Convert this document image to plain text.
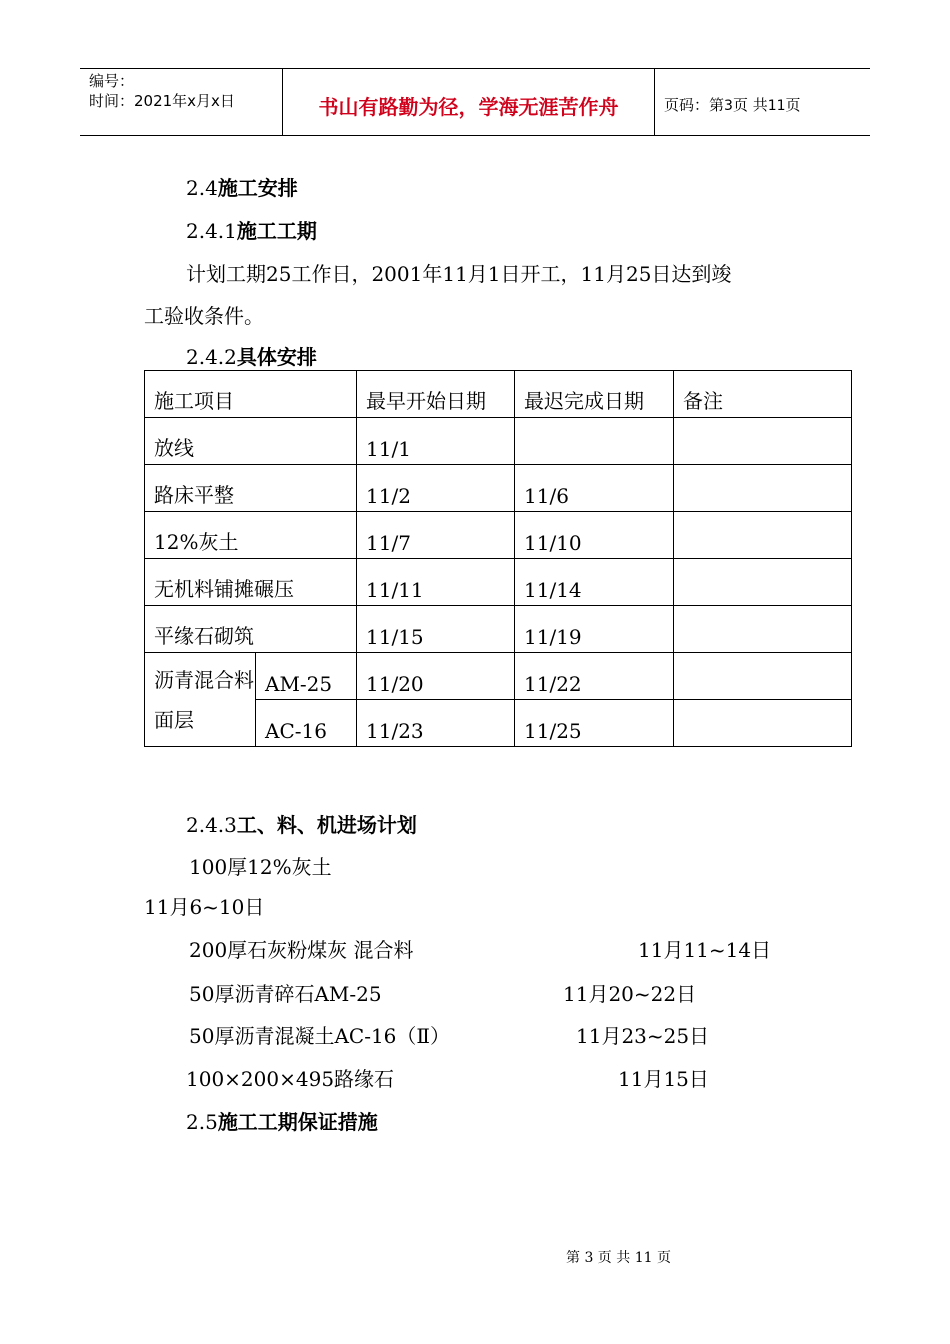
编号：
时间：2021年x月x日	书山有路勤为径，学海无涯苦作舟	页码：第3页 共11页
2.4施工安排
2.4.1施工工期
计划工期25工作日，2001年11月1日开工，11月25日达到竣
工验收条件。
2.4.2具体安排
施工项目		最早开始日期	最迟完成日期	备注
放线		11/1		
路床平整		11/2	11/6	
12%灰土		11/7	11/10	
无机料铺摊碾压		11/11	11/14	
平缘石砌筑		11/15	11/19	
沥青混合料面层	AM-25	11/20	11/22	
	AC-16	11/23	11/25	
2.4.3工、料、机进场计划
100厚12%灰土
11月6~10日
200厚石灰粉煤灰 混合料	11月11~14日
50厚沥青碎石AM-25	11月20~22日
50厚沥青混凝土AC-16（Ⅱ）	11月23~25日
100×200×495路缘石	11月15日
2.5施工工期保证措施
第 3 页 共 11 页
